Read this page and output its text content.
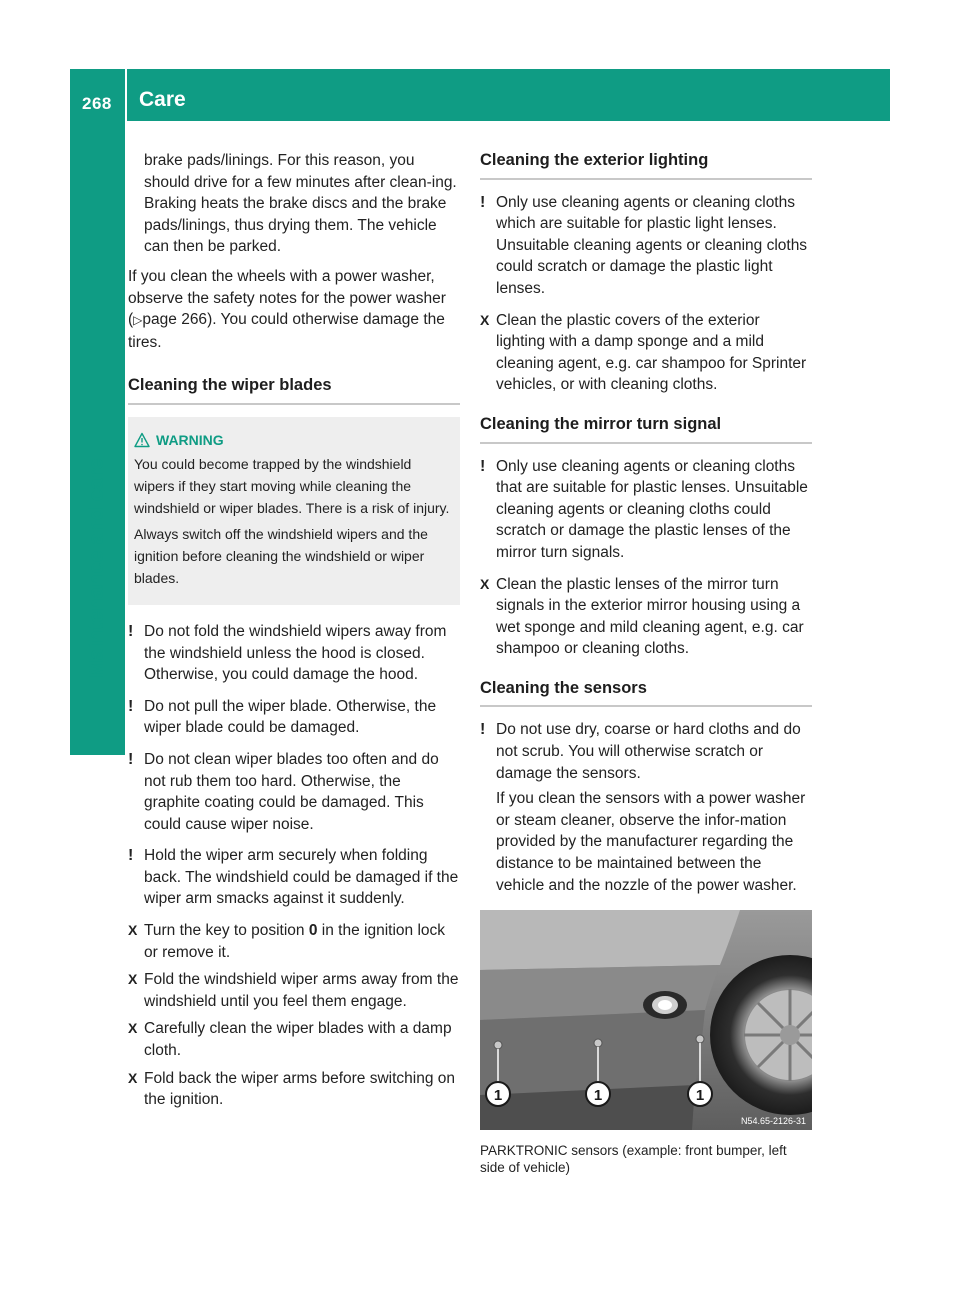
268 Care
Maintenance and care

brake pads/linings. For this reason, you should drive for a few minutes after clean-ing. Braking heats the brake discs and the brake pads/linings, thus drying them. The vehicle can then be parked.

If you clean the wheels with a power washer, observe the safety notes for the power washer (▷page 266). You could otherwise damage the tires.

Cleaning the wiper blades
WARNING

You could become trapped by the windshield wipers if they start moving while cleaning the windshield or wiper blades. There is a risk of injury.

Always switch off the windshield wipers and the ignition before cleaning the windshield or wiper blades.

! Do not fold the windshield wipers away from the windshield unless the hood is closed. Otherwise, you could damage the hood.
! Do not pull the wiper blade. Otherwise, the wiper blade could be damaged.
! Do not clean wiper blades too often and do not rub them too hard. Otherwise, the graphite coating could be damaged. This could cause wiper noise.
! Hold the wiper arm securely when folding back. The windshield could be damaged if the wiper arm smacks against it suddenly.
X Turn the key to position 0 in the ignition lock or remove it.
X Fold the windshield wiper arms away from the windshield until you feel them engage.
X Carefully clean the wiper blades with a damp cloth.
X Fold back the wiper arms before switching on the ignition.
Cleaning the exterior lighting
! Only use cleaning agents or cleaning cloths which are suitable for plastic light lenses. Unsuitable cleaning agents or cleaning cloths could scratch or damage the plastic light lenses.
X Clean the plastic covers of the exterior lighting with a damp sponge and a mild cleaning agent, e.g. car shampoo for Sprinter vehicles, or with cleaning cloths.
Cleaning the mirror turn signal
! Only use cleaning agents or cleaning cloths that are suitable for plastic lenses. Unsuitable cleaning agents or cleaning cloths could scratch or damage the plastic lenses of the mirror turn signals.
X Clean the plastic lenses of the mirror turn signals in the exterior mirror housing using a wet sponge and mild cleaning agent, e.g. car shampoo or cleaning cloths.
Cleaning the sensors
! Do not use dry, coarse or hard cloths and do not scrub. You will otherwise scratch or damage the sensors.

If you clean the sensors with a power washer or steam cleaner, observe the infor-mation provided by the manufacturer regarding the distance to be maintained between the vehicle and the nozzle of the power washer.

1	1	1
N54.65-2126-31
PARKTRONIC sensors (example: front bumper, left side of vehicle)
